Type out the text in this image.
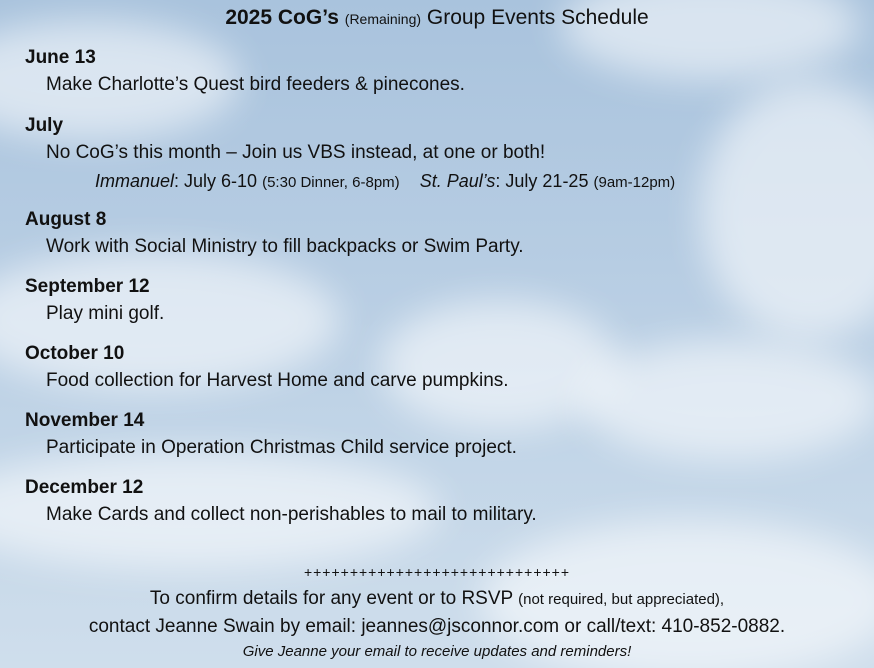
2025 CoG’s (Remaining) Group Events Schedule
June 13
Make Charlotte’s Quest bird feeders & pinecones.
July
No CoG’s this month – Join us VBS instead, at one or both!
Immanuel: July 6-10 (5:30 Dinner, 6-8pm) St. Paul’s: July 21-25 (9am-12pm)
August 8
Work with Social Ministry to fill backpacks or Swim Party.
September 12
Play mini golf.
October 10
Food collection for Harvest Home and carve pumpkins.
November 14
Participate in Operation Christmas Child service project.
December 12
Make Cards and collect non-perishables to mail to military.
+++++++++++++++++++++++++++++
To confirm details for any event or to RSVP (not required, but appreciated),
contact Jeanne Swain by email: jeannes@jsconnor.com or call/text: 410-852-0882.
Give Jeanne your email to receive updates and reminders!
